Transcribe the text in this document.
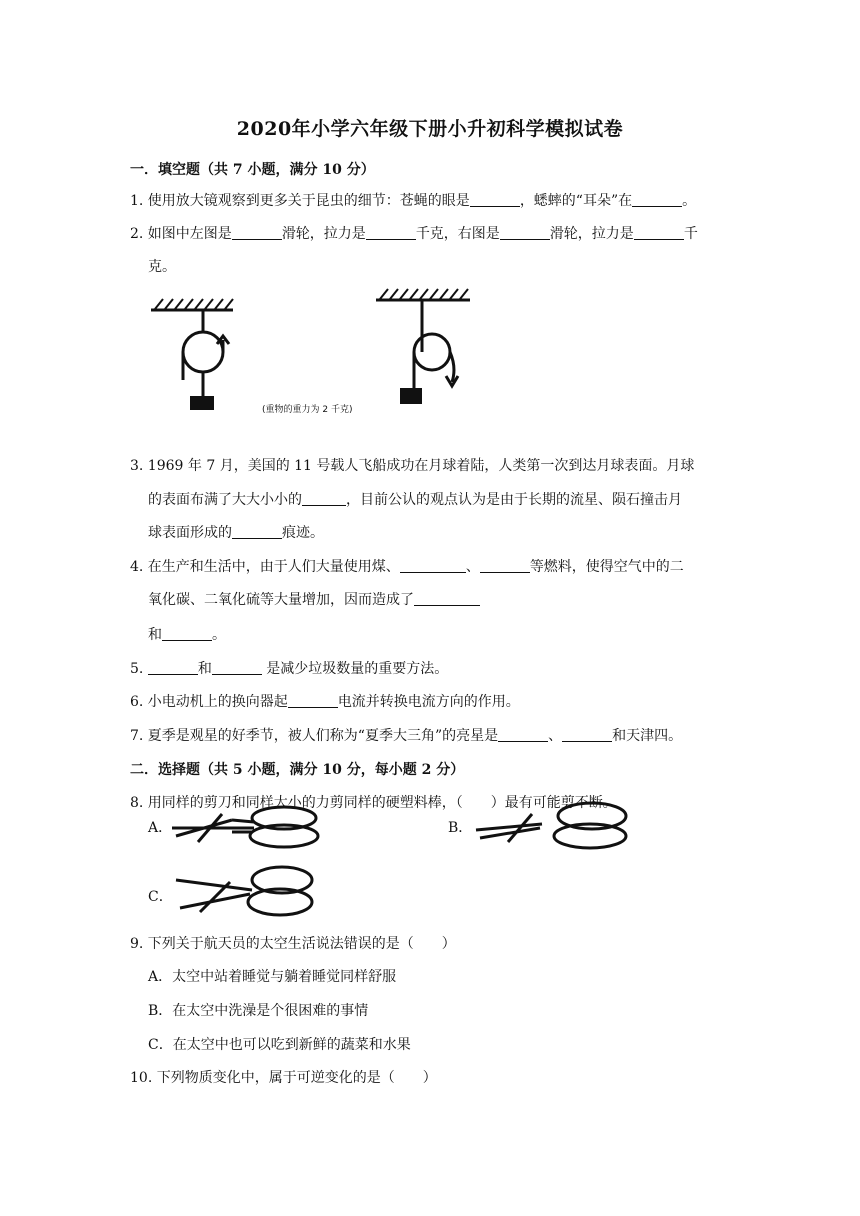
2020年小学六年级下册小升初科学模拟试卷
一．填空题（共 7 小题，满分 10 分）
1. 使用放大镜观察到更多关于昆虫的细节：苍蝇的眼是	，蟋蟀的“耳朵”在	。
2. 如图中左图是	滑轮，拉力是	千克，右图是	滑轮，拉力是	千
克。
(重物的重力为 2 千克)
3. 1969 年 7 月，美国的 11 号载人飞船成功在月球着陆，人类第一次到达月球表面。月球
的表面布满了大大小小的	，目前公认的观点认为是由于长期的流星、陨石撞击月
球表面形成的	痕迹。
4. 在生产和生活中，由于人们大量使用煤、	、	等燃料，使得空气中的二
氧化碳、二氧化硫等大量增加，因而造成了
和	。
5.	和	是减少垃圾数量的重要方法。
6. 小电动机上的换向器起	电流并转换电流方向的作用。
7. 夏季是观星的好季节，被人们称为“夏季大三角”的亮星是	、	和天津四。
二．选择题（共 5 小题，满分 10 分，每小题 2 分）
8. 用同样的剪刀和同样大小的力剪同样的硬塑料棒，（　　）最有可能剪不断。
A．	B．
C．
9. 下列关于航天员的太空生活说法错误的是（　　）
A．太空中站着睡觉与躺着睡觉同样舒服
B．在太空中洗澡是个很困难的事情
C．在太空中也可以吃到新鲜的蔬菜和水果
10. 下列物质变化中，属于可逆变化的是（　　）
